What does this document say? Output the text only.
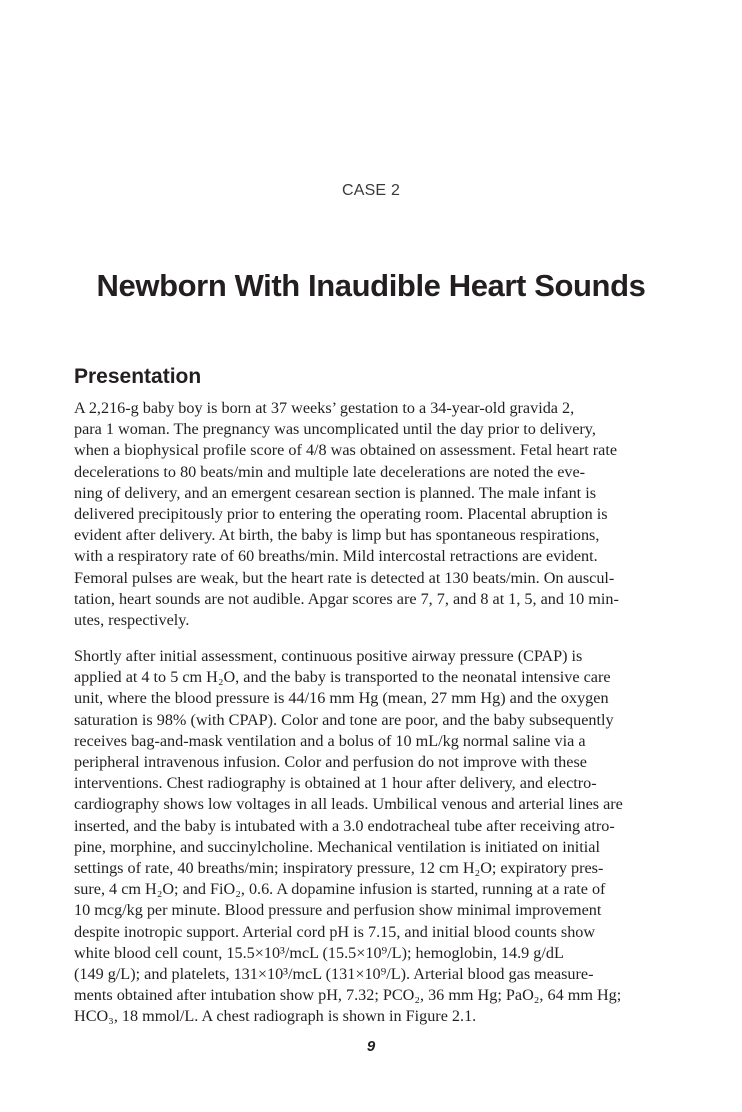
CASE 2
Newborn With Inaudible Heart Sounds
Presentation
A 2,216-g baby boy is born at 37 weeks’ gestation to a 34-year-old gravida 2,
para 1 woman. The pregnancy was uncomplicated until the day prior to delivery,
when a biophysical profile score of 4/8 was obtained on assessment. Fetal heart rate
decelerations to 80 beats/min and multiple late decelerations are noted the eve-
ning of delivery, and an emergent cesarean section is planned. The male infant is
delivered precipitously prior to entering the operating room. Placental abruption is
evident after delivery. At birth, the baby is limp but has spontaneous respirations,
with a respiratory rate of 60 breaths/min. Mild intercostal retractions are evident.
Femoral pulses are weak, but the heart rate is detected at 130 beats/min. On auscul-
tation, heart sounds are not audible. Apgar scores are 7, 7, and 8 at 1, 5, and 10 min-
utes, respectively.
Shortly after initial assessment, continuous positive airway pressure (CPAP) is
applied at 4 to 5 cm H₂O, and the baby is transported to the neonatal intensive care
unit, where the blood pressure is 44/16 mm Hg (mean, 27 mm Hg) and the oxygen
saturation is 98% (with CPAP). Color and tone are poor, and the baby subsequently
receives bag-and-mask ventilation and a bolus of 10 mL/kg normal saline via a
peripheral intravenous infusion. Color and perfusion do not improve with these
interventions. Chest radiography is obtained at 1 hour after delivery, and electro-
cardiography shows low voltages in all leads. Umbilical venous and arterial lines are
inserted, and the baby is intubated with a 3.0 endotracheal tube after receiving atro-
pine, morphine, and succinylcholine. Mechanical ventilation is initiated on initial
settings of rate, 40 breaths/min; inspiratory pressure, 12 cm H₂O; expiratory pres-
sure, 4 cm H₂O; and FiO₂, 0.6. A dopamine infusion is started, running at a rate of
10 mcg/kg per minute. Blood pressure and perfusion show minimal improvement
despite inotropic support. Arterial cord pH is 7.15, and initial blood counts show
white blood cell count, 15.5×10³/mcL (15.5×10⁹/L); hemoglobin, 14.9 g/dL
(149 g/L); and platelets, 131×10³/mcL (131×10⁹/L). Arterial blood gas measure-
ments obtained after intubation show pH, 7.32; PCO₂, 36 mm Hg; PaO₂, 64 mm Hg;
HCO₃, 18 mmol/L. A chest radiograph is shown in Figure 2.1.
9
